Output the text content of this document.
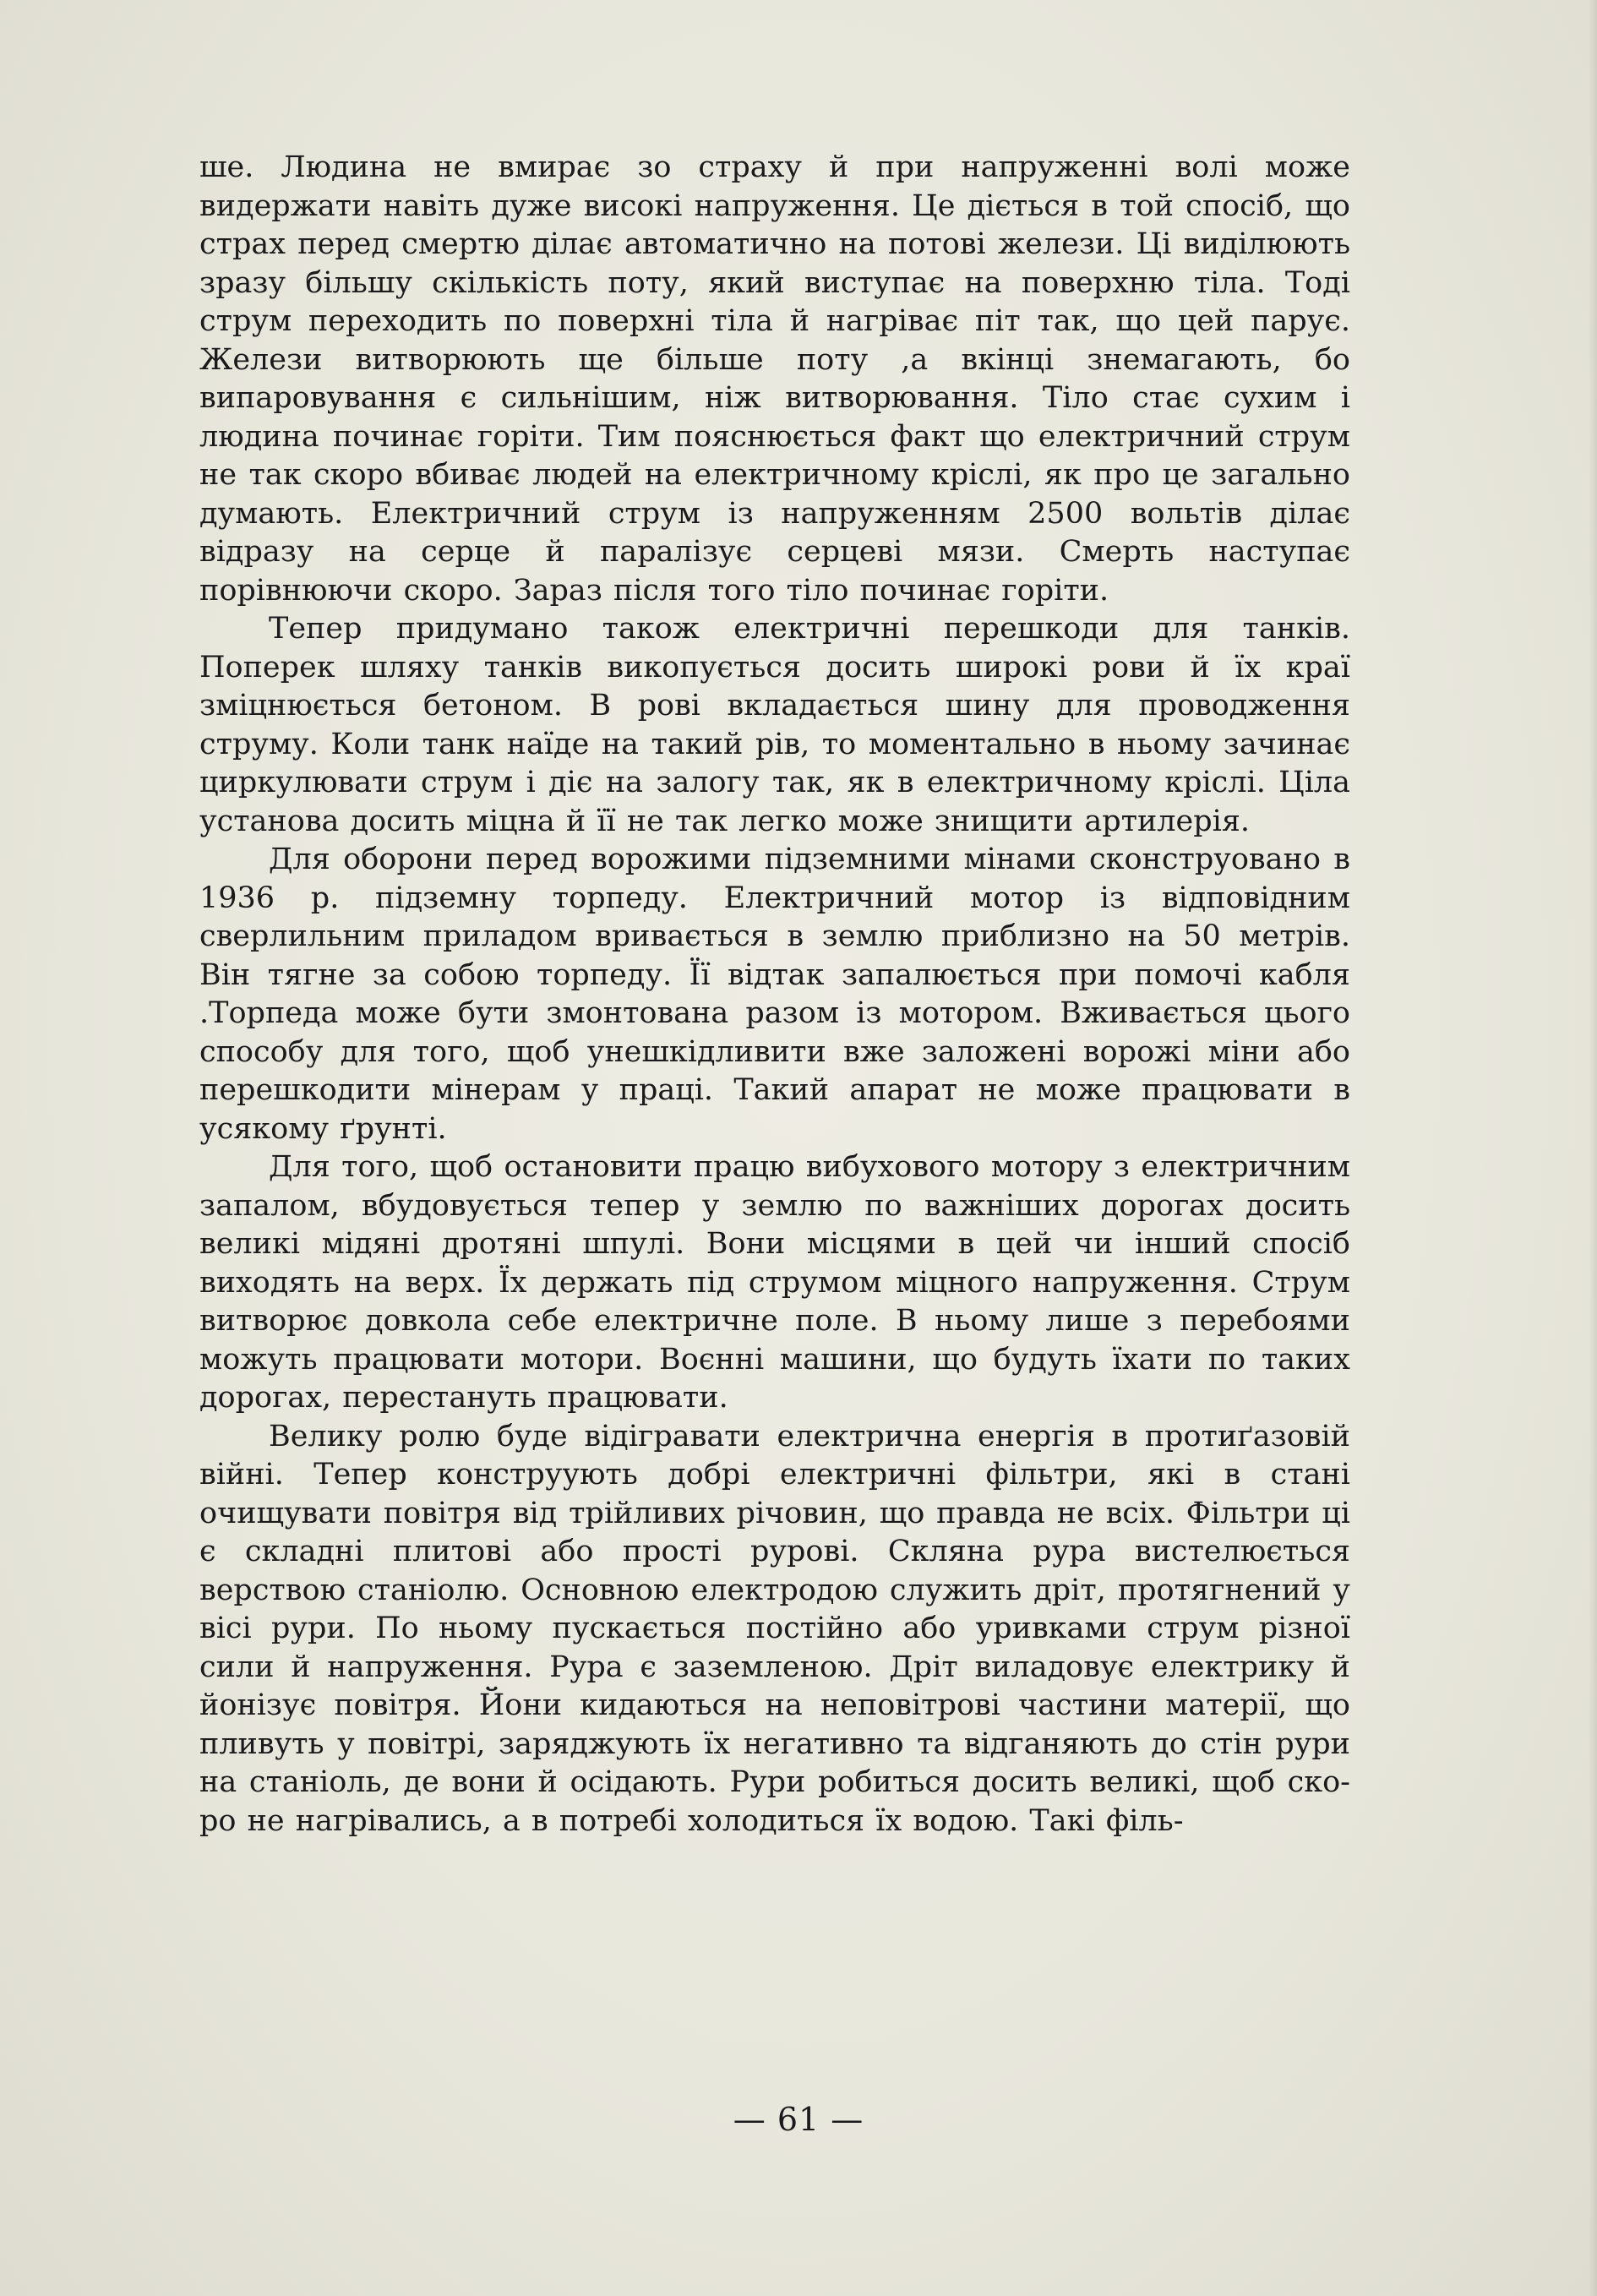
ше. Людина не вмирає зо страху й при напруженні волі може видержати навіть дуже високі напруження. Це діється в той спосіб, що страх перед смертю ділає автоматично на потові желези. Ці виділюють зразу більшу скількість поту, який виступає на поверхню тіла. Тоді струм переходить по поверхні тіла й нагріває піт так, що цей парує. Желези витворюють ще більше поту ,а вкінці знемагають, бо випаровування є сильнішим, ніж витворювання. Тіло стає сухим і людина починає горіти. Тим пояснюється факт що електричний струм не так скоро вбиває людей на електричному кріслі, як про це загально думають. Електричний струм із напруженням 2500 вольтів ділає відразу на серце й паралізує серцеві мязи. Смерть наступає порівнюючи скоро. Зараз після того тіло починає горіти.

Тепер придумано також електричні перешкоди для танків. Поперек шляху танків викопується досить широкі рови й їх краї зміцнюється бетоном. В рові вкладається шину для проводження струму. Коли танк наїде на такий рів, то моментально в ньому зачинає циркулювати струм і діє на залогу так, як в електричному кріслі. Ціла установа досить міцна й її не так легко може знищити артилерія.

Для оборони перед ворожими підземними мінами сконструовано в 1936 р. підземну торпеду. Електричний мотор із відповідним сверлильним приладом вривається в землю приблизно на 50 метрів. Він тягне за собою торпеду. Її відтак запалюється при помочі кабля .Торпеда може бути змонтована разом із мотором. Вживається цього способу для того, щоб унешкідливити вже заложені ворожі міни або перешкодити мінерам у праці. Такий апарат не може працювати в усякому ґрунті.

Для того, щоб остановити працю вибухового мотору з електричним запалом, вбудовується тепер у землю по важніших дорогах досить великі мідяні дротяні шпулі. Вони місцями в цей чи інший спосіб виходять на верх. Їх держать під струмом міцного напруження. Струм витворює довкола себе електричне поле. В ньому лише з перебоями можуть працювати мотори. Воєнні машини, що будуть їхати по таких дорогах, перестануть працювати.

Велику ролю буде відігравати електрична енергія в протиґазовій війні. Тепер конструують добрі електричні фільтри, які в стані очищувати повітря від трійливих річовин, що правда не всіх. Фільтри ці є складні плитові або прості рурові. Скляна рура вистелюється верствою станіолю. Основною електродою служить дріт, протягнений у вісі рури. По ньому пускається постійно або уривками струм різної сили й напруження. Рура є заземленою. Дріт виладовує електрику й йонізує повітря. Йони кидаються на неповітрові частини матерії, що пливуть у повітрі, заряджують їх негативно та відганяють до стін рури на станiоль, де вони й осідають. Рури робиться досить великі, щоб скоро не нагрівались, а в потребі холодиться їх водою. Такі філь-

— 61 —
